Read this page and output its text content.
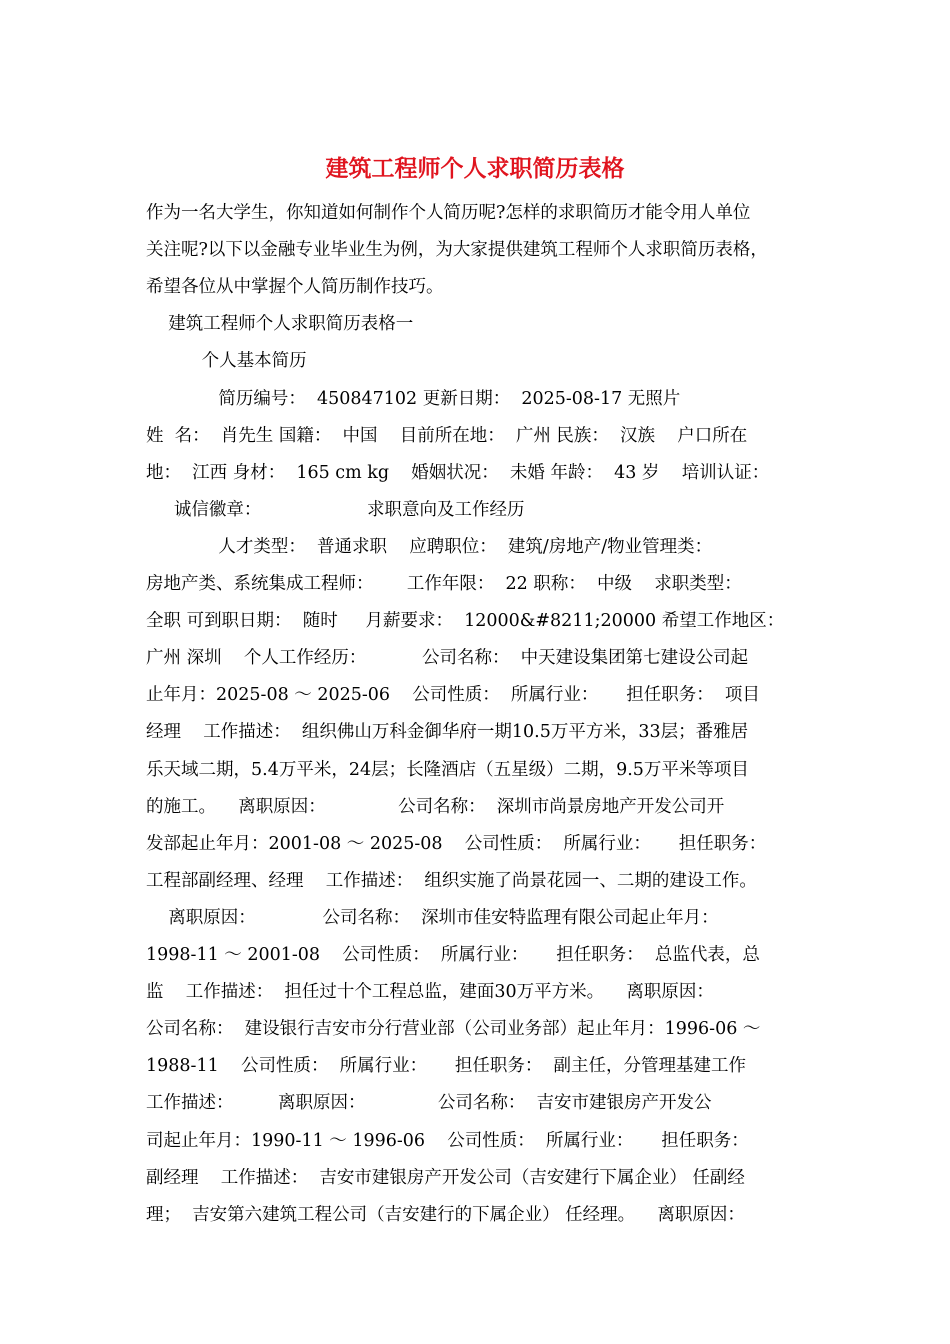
建筑工程师个人求职简历表格
作为一名大学生，你知道如何制作个人简历呢?怎样的求职简历才能令用人单位
关注呢?以下以金融专业毕业生为例，为大家提供建筑工程师个人求职简历表格，
希望各位从中掌握个人简历制作技巧。
建筑工程师个人求职简历表格一
个人基本简历
简历编号：  450847102 更新日期：  2025-08-17 无照片
姓  名：  肖先生 国籍：  中国    目前所在地：  广州 民族：  汉族    户口所在
地：  江西 身材：  165 cm kg    婚姻状况：  未婚 年龄：  43 岁    培训认证：
诚信徽章：                   求职意向及工作经历
人才类型：  普通求职    应聘职位：  建筑/房地产/物业管理类：
房地产类、系统集成工程师：      工作年限：  22 职称：  中级    求职类型：
全职 可到职日期：  随时     月薪要求：  12000&#8211;20000 希望工作地区：
广州 深圳    个人工作经历：          公司名称：  中天建设集团第七建设公司起
止年月：2025-08 ～ 2025-06    公司性质：  所属行业：     担任职务：  项目
经理    工作描述：  组织佛山万科金御华府一期10.5万平方米，33层；番雅居
乐天域二期，5.4万平米，24层；长隆酒店（五星级）二期，9.5万平米等项目
的施工。    离职原因：             公司名称：  深圳市尚景房地产开发公司开
发部起止年月：2001-08 ～ 2025-08    公司性质：  所属行业：     担任职务：
工程部副经理、经理    工作描述：  组织实施了尚景花园一、二期的建设工作。
离职原因：            公司名称：  深圳市佳安特监理有限公司起止年月：
1998-11 ～ 2001-08    公司性质：  所属行业：     担任职务：  总监代表，总
监    工作描述：  担任过十个工程总监，建面30万平方米。    离职原因：
公司名称：  建设银行吉安市分行营业部（公司业务部）起止年月：1996-06 ～
1988-11    公司性质：  所属行业：     担任职务：  副主任，分管理基建工作
工作描述：        离职原因：             公司名称：  吉安市建银房产开发公
司起止年月：1990-11 ～ 1996-06    公司性质：  所属行业：     担任职务：
副经理    工作描述：  吉安市建银房产开发公司（吉安建行下属企业） 任副经
理；  吉安第六建筑工程公司（吉安建行的下属企业） 任经理。    离职原因：
